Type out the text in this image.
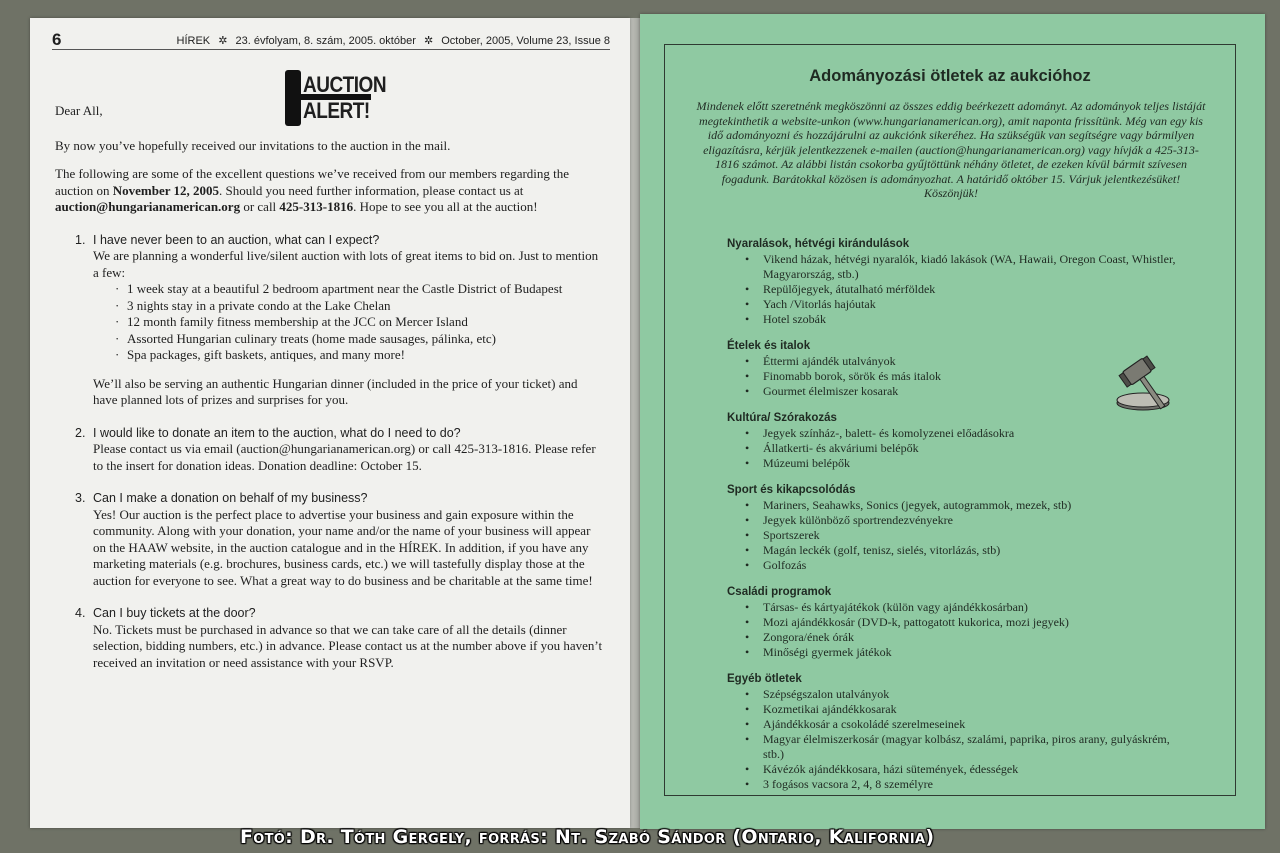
6	HÍREK ✲ 23. évfolyam, 8. szám, 2005. október ✲ October, 2005, Volume 23, Issue 8
AUCTION
ALERT!

Dear All,

By now you’ve hopefully received our invitations to the auction in the mail.

The following are some of the excellent questions we’ve received from our members regarding the auction on November 12, 2005. Should you need further information, please contact us at auction@hungarianamerican.org or call 425-313-1816. Hope to see you all at the auction!

1. I have never been to an auction, what can I expect?
We are planning a wonderful live/silent auction with lots of great items to bid on. Just to mention a few:
· 1 week stay at a beautiful 2 bedroom apartment near the Castle District of Budapest
· 3 nights stay in a private condo at the Lake Chelan
· 12 month family fitness membership at the JCC on Mercer Island
· Assorted Hungarian culinary treats (home made sausages, pálinka, etc)
· Spa packages, gift baskets, antiques, and many more!
We’ll also be serving an authentic Hungarian dinner (included in the price of your ticket) and have planned lots of prizes and surprises for you.
2. I would like to donate an item to the auction, what do I need to do?
Please contact us via email (auction@hungarianamerican.org) or call 425-313-1816. Please refer to the insert for donation ideas. Donation deadline: October 15.
3. Can I make a donation on behalf of my business?
Yes! Our auction is the perfect place to advertise your business and gain exposure within the community. Along with your donation, your name and/or the name of your business will appear on the HAAW website, in the auction catalogue and in the HÍREK. In addition, if you have any marketing materials (e.g. brochures, business cards, etc.) we will tastefully display those at the auction for everyone to see. What a great way to do business and be charitable at the same time!
4. Can I buy tickets at the door?
No. Tickets must be purchased in advance so that we can take care of all the details (dinner selection, bidding numbers, etc.) in advance. Please contact us at the number above if you haven’t received an invitation or need assistance with your RSVP.
Adományozási ötletek az aukcióhoz
Mindenek előtt szeretnénk megköszönni az összes eddig beérkezett adományt. Az adományok teljes listáját megtekinthetik a website-unkon (www.hungarianamerican.org), amit naponta frissítünk. Még van egy kis idő adományozni és hozzájárulni az aukciónk sikeréhez. Ha szükségük van segítségre vagy bármilyen eligazításra, kérjük jelentkezzenek e-mailen (auction@hungarianamerican.org) vagy hívják a 425-313-1816 számot. Az alábbi listán csokorba gyűjtöttünk néhány ötletet, de ezeken kívül bármit szívesen fogadunk. Barátokkal közösen is adományozhat. A határidő október 15. Várjuk jelentkezésüket! Köszönjük!
Nyaralások, hétvégi kirándulások
• Vikend házak, hétvégi nyaralók, kiadó lakások (WA, Hawaii, Oregon Coast, Whistler, Magyarország, stb.)
• Repülőjegyek, átutalható mérföldek
• Yach /Vitorlás hajóutak
• Hotel szobák
Ételek és italok
• Éttermi ajándék utalványok
• Finomabb borok, sörök és más italok
• Gourmet élelmiszer kosarak
Kultúra/ Szórakozás
• Jegyek színház-, balett- és komolyzenei előadásokra
• Állatkerti- és akváriumi belépők
• Múzeumi belépők
Sport és kikapcsolódás
• Mariners, Seahawks, Sonics (jegyek, autogrammok, mezek, stb)
• Jegyek különböző sportrendezvényekre
• Sportszerek
• Magán leckék (golf, tenisz, sielés, vitorlázás, stb)
• Golfozás
Családi programok
• Társas- és kártyajátékok (külön vagy ajándékkosárban)
• Mozi ajándékkosár (DVD-k, pattogatott kukorica, mozi jegyek)
• Zongora/ének órák
• Minőségi gyermek játékok
Egyéb ötletek
• Szépségszalon utalványok
• Kozmetikai ajándékkosarak
• Ajándékkosár a csokoládé szerelmeseinek
• Magyar élelmiszerkosár (magyar kolbász, szalámi, paprika, piros arany, gulyáskrém, stb.)
• Kávézók ajándékkosara, házi sütemények, édességek
• 3 fogásos vacsora 2, 4, 8 személyre
Fotó: Dr. Tóth Gergely, forrás: Nt. Szabó Sándor (Ontario, Kalifornia)
